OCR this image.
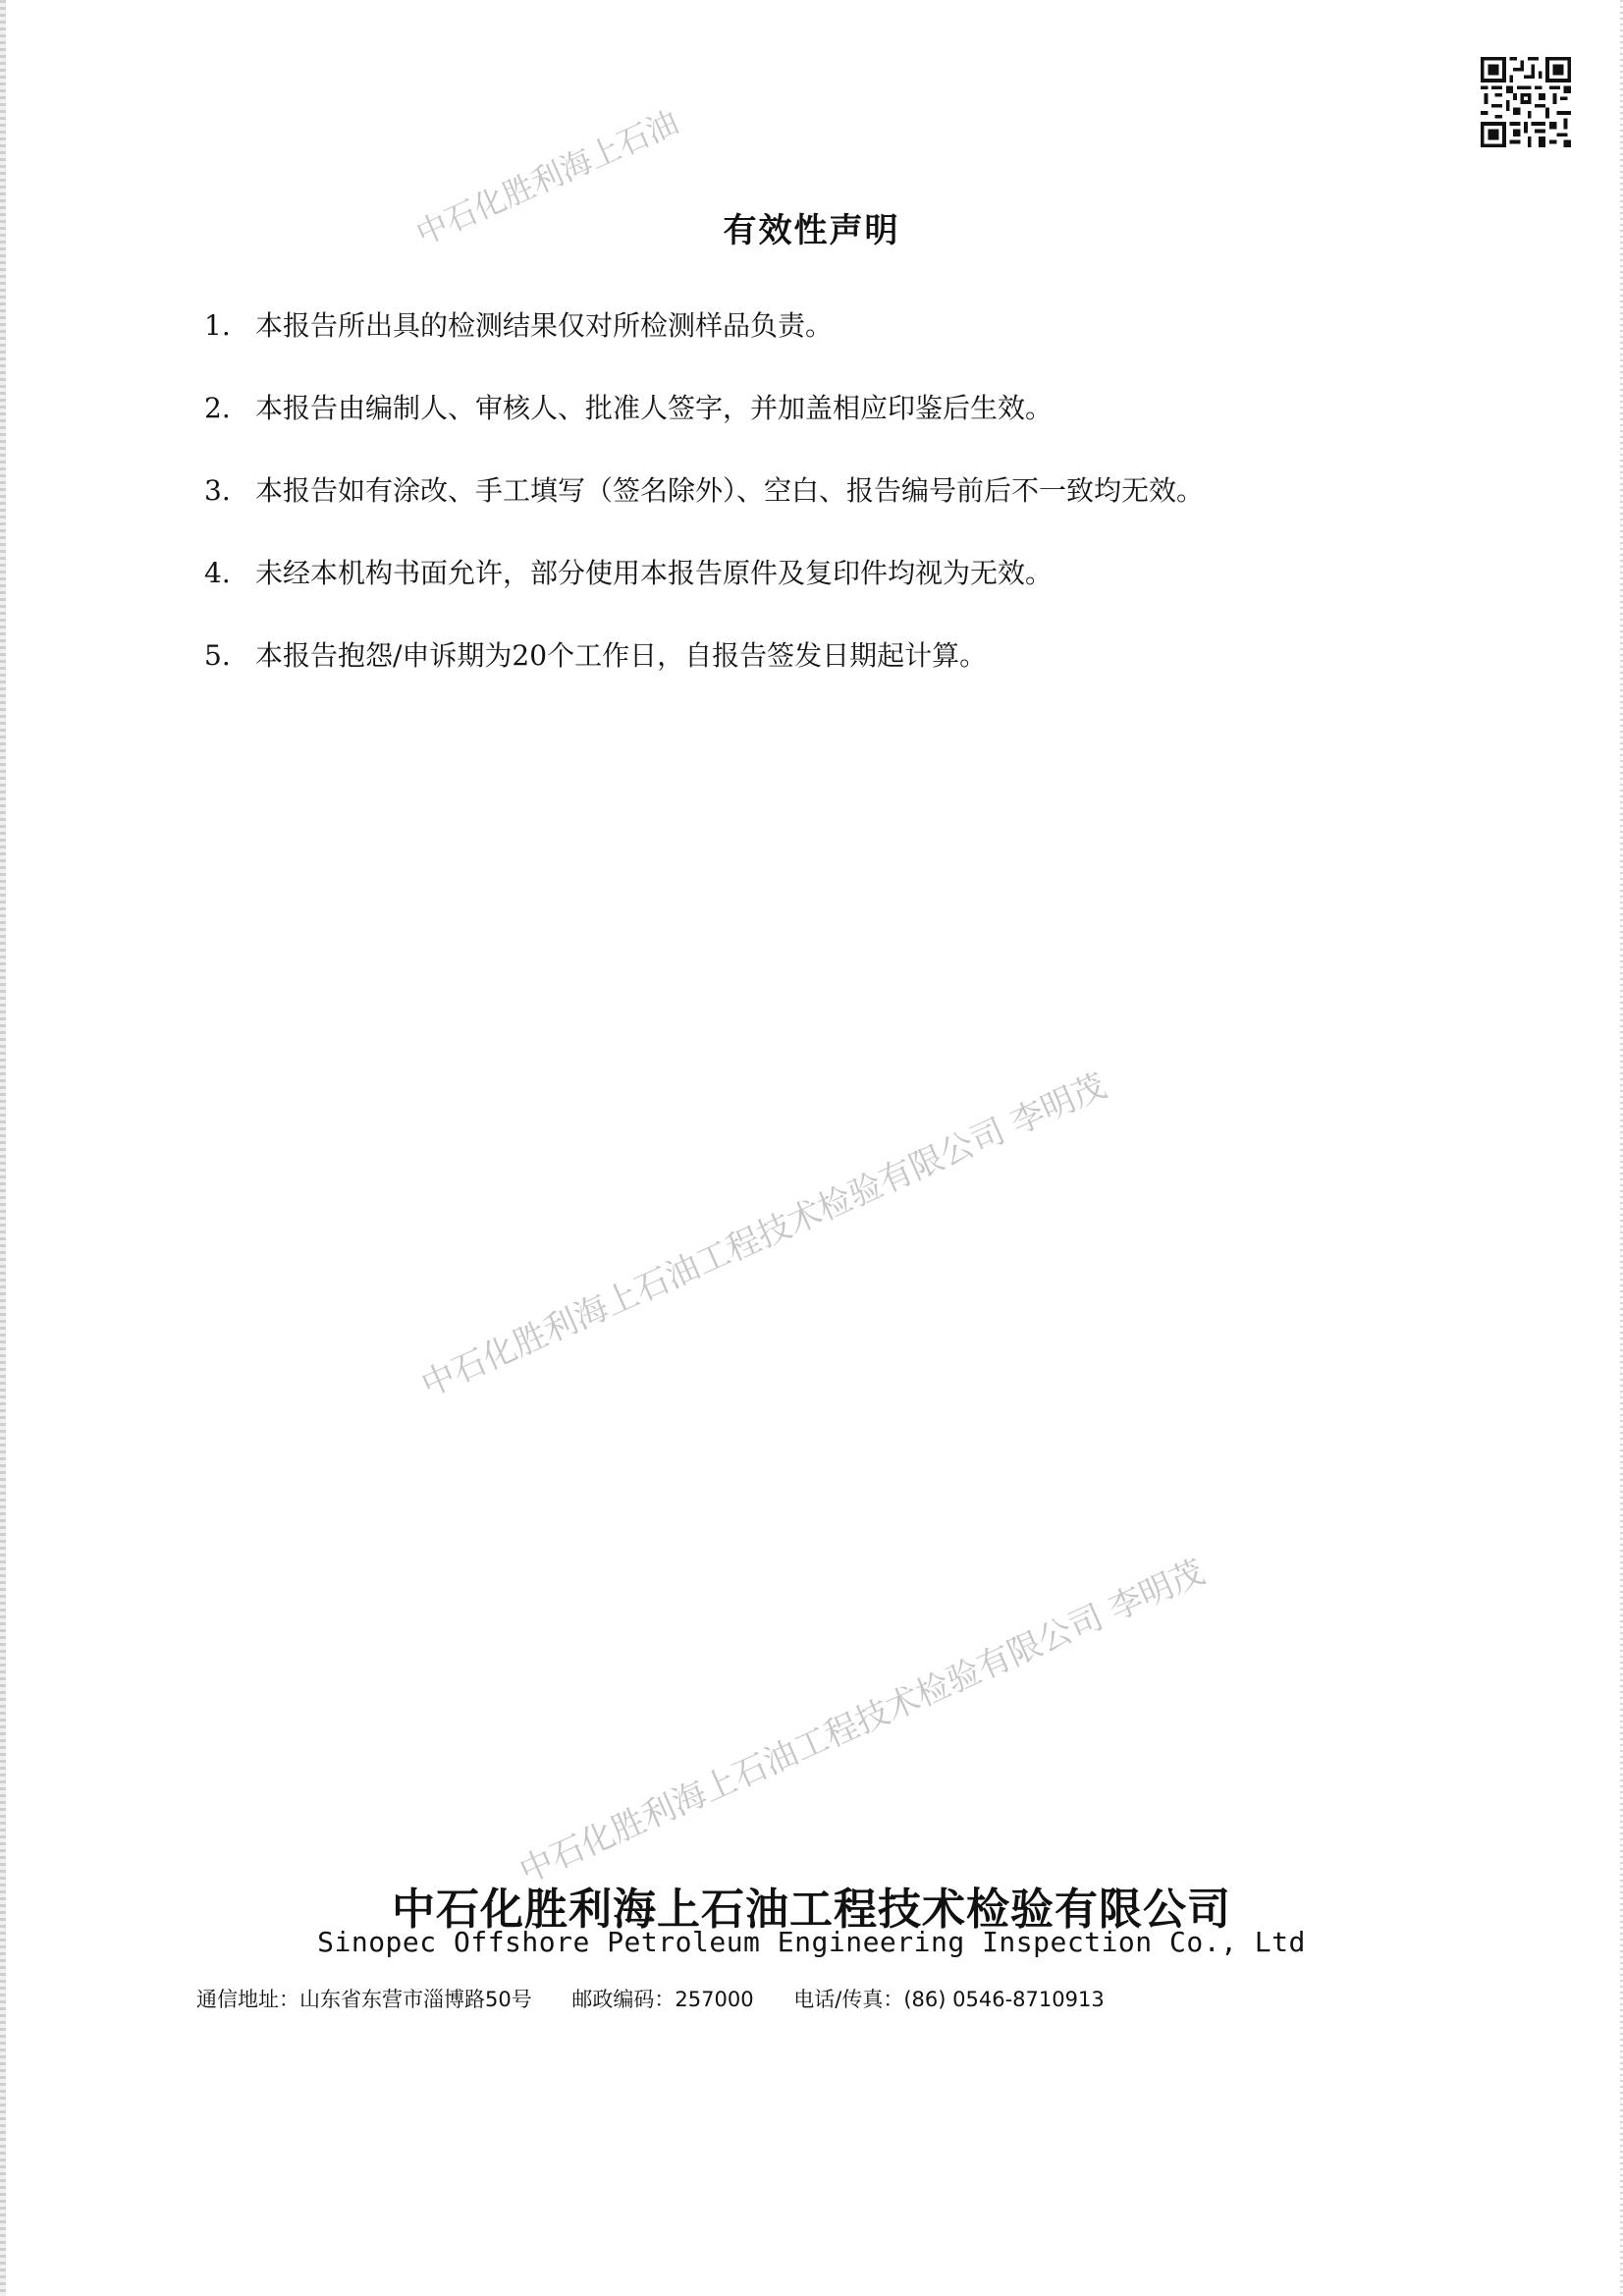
中石化胜利海上石油
中石化胜利海上石油工程技术检验有限公司 李明茂
中石化胜利海上石油工程技术检验有限公司 李明茂
有效性声明
1. 本报告所出具的检测结果仅对所检测样品负责。
2. 本报告由编制人、审核人、批准人签字，并加盖相应印鉴后生效。
3. 本报告如有涂改、手工填写（签名除外）、空白、报告编号前后不一致均无效。
4. 未经本机构书面允许，部分使用本报告原件及复印件均视为无效。
5. 本报告抱怨/申诉期为20个工作日，自报告签发日期起计算。
中石化胜利海上石油工程技术检验有限公司
Sinopec Offshore Petroleum Engineering Inspection Co., Ltd
通信地址：山东省东营市淄博路50号 邮政编码：257000 电话/传真：(86) 0546-8710913
